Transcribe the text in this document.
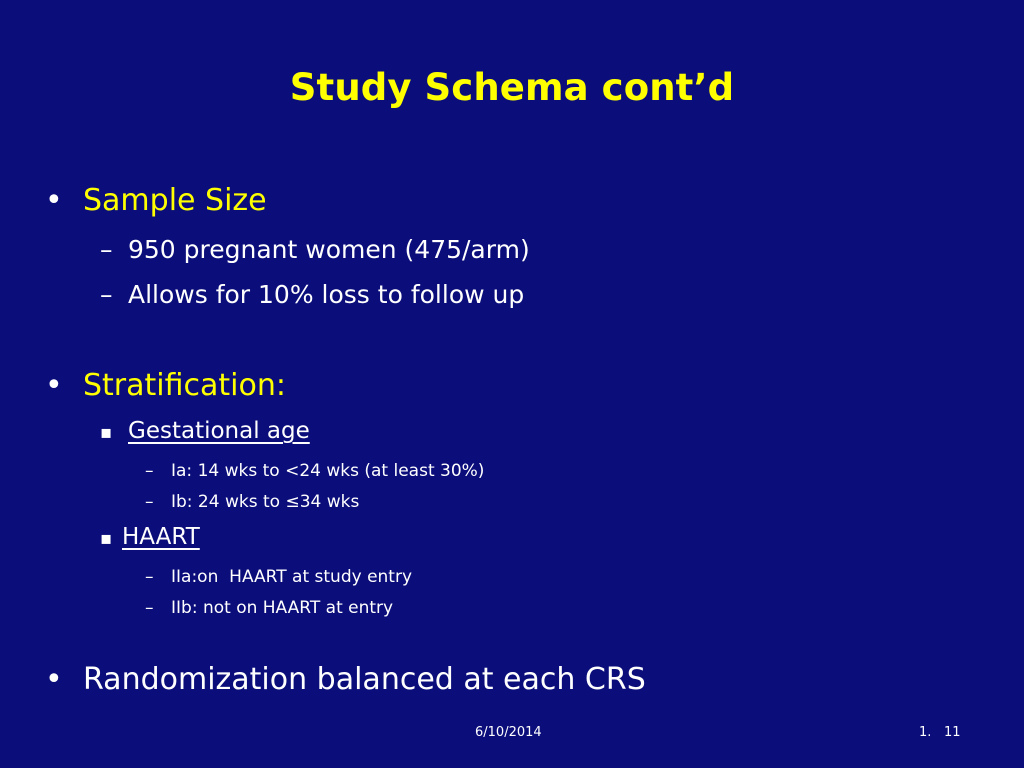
Study Schema cont’d
• Sample Size
– 950 pregnant women (475/arm)
– Allows for 10% loss to follow up
• Stratification:
▪ Gestational age
– Ia: 14 wks to <24 wks (at least 30%)
– Ib: 24 wks to ≤34 wks
▪ HAART
– IIa:on  HAART at study entry
– IIb: not on HAART at entry
• Randomization balanced at each CRS
6/10/2014	1. 11
